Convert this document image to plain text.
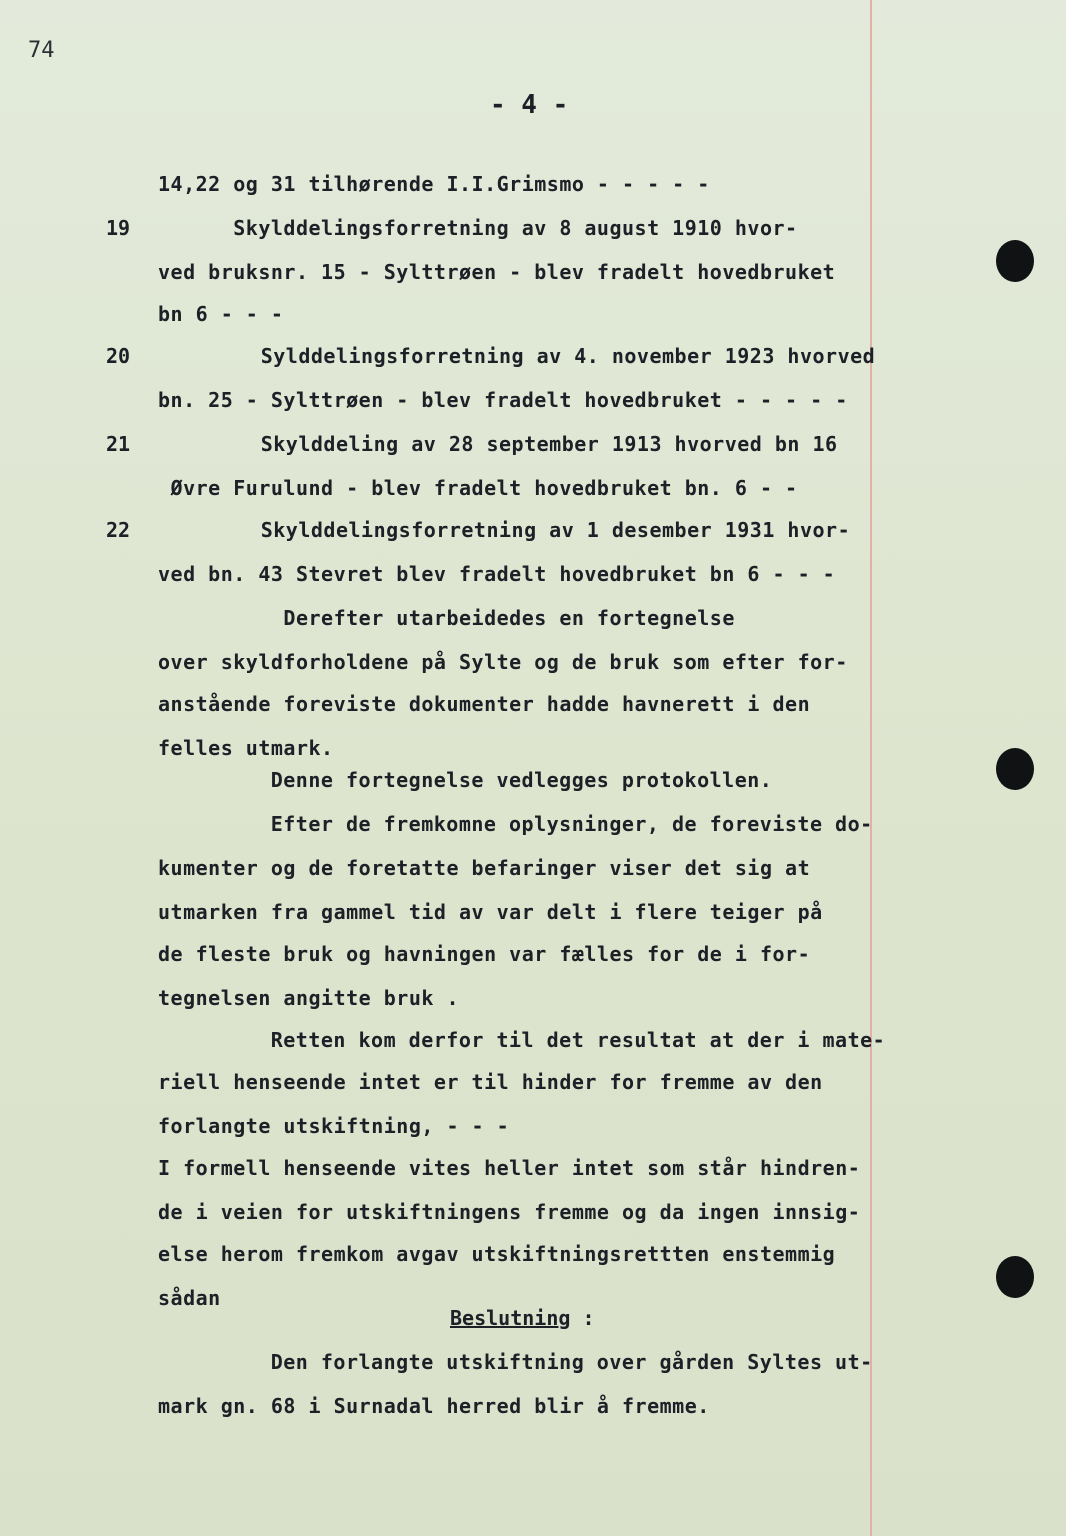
74
- 4 -
14,22 og 31 tilhørende I.I.Grimsmo - - - - -
19 Skylddelingsforretning av 8 august 1910 hvor-
ved bruksnr. 15 - Sylttrøen - blev fradelt hovedbruket
bn 6 - - -
20	Sylddelingsforretning av 4. november 1923 hvorved
bn. 25 - Sylttrøen - blev fradelt hovedbruket - - - - -
21	Skylddeling av 28 september 1913 hvorved bn 16
Øvre Furulund - blev fradelt hovedbruket bn. 6 - -
22	Skylddelingsforretning av 1 desember 1931 hvor-
ved bn. 43 Stevret blev fradelt hovedbruket bn 6 - - -
Derefter utarbeidedes en fortegnelse
over skyldforholdene på Sylte og de bruk som efter for-
anstående foreviste dokumenter hadde havnerett i den
felles utmark.
Denne fortegnelse vedlegges protokollen.
Efter de fremkomne oplysninger, de foreviste do-
kumenter og de foretatte befaringer viser det sig at
utmarken fra gammel tid av var delt i flere teiger på
de fleste bruk og havningen var fælles for de i for-
tegnelsen angitte bruk .
Retten kom derfor til det resultat at der i mate-
riell henseende intet er til hinder for fremme av den
forlangte utskiftning, - - -
I formell henseende vites heller intet som står hindren-
de i veien for utskiftningens fremme og da ingen innsig-
else herom fremkom avgav utskiftningsrettten enstemmig
sådan
Beslutning :
Den forlangte utskiftning over gården Syltes ut-
mark gn. 68 i Surnadal herred blir å fremme.
